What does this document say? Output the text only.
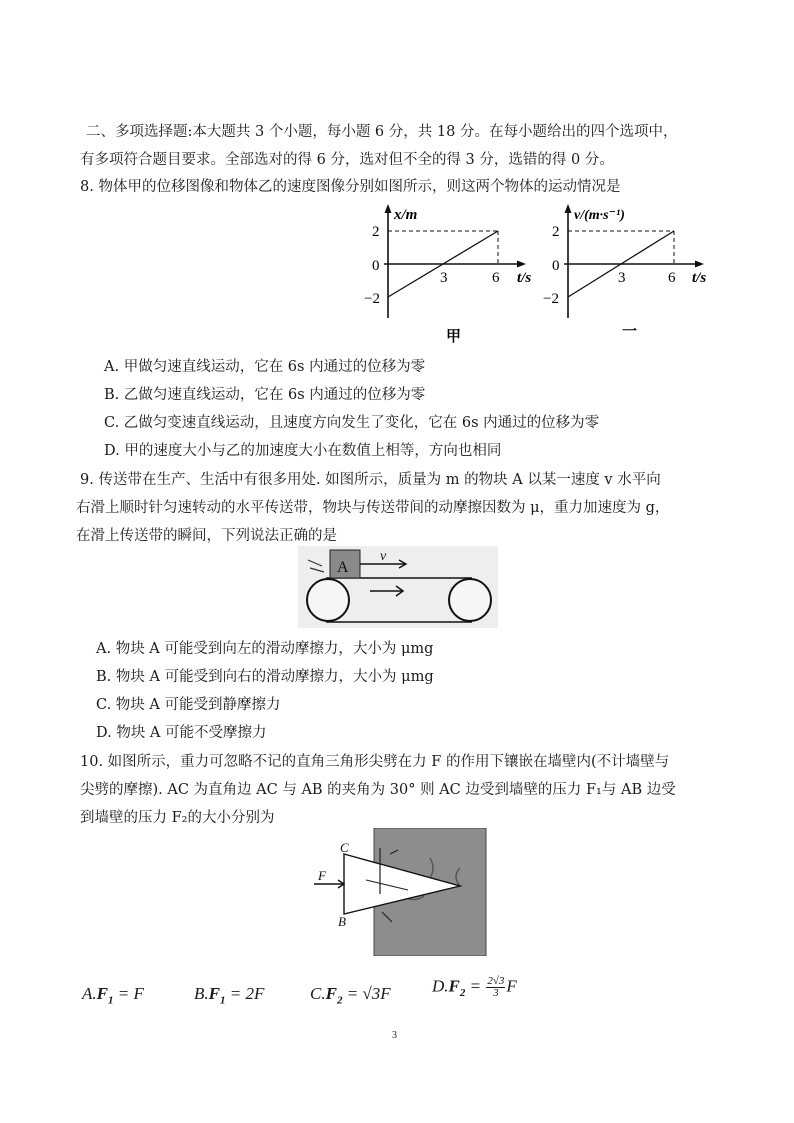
二、多项选择题:本大题共 3 个小题，每小题 6 分，共 18 分。在每小题给出的四个选项中，
有多项符合题目要求。全部选对的得 6 分，选对但不全的得 3 分，选错的得 0 分。
8. 物体甲的位移图像和物体乙的速度图像分别如图所示，则这两个物体的运动情况是
x/m
2
0
−2
3	6 t/s
甲
v/(m·s⁻¹)
2
0
−2
3	6 t/s
一
A. 甲做匀速直线运动，它在 6s 内通过的位移为零
B. 乙做匀速直线运动，它在 6s 内通过的位移为零
C. 乙做匀变速直线运动，且速度方向发生了变化，它在 6s 内通过的位移为零
D. 甲的速度大小与乙的加速度大小在数值上相等，方向也相同
9. 传送带在生产、生活中有很多用处. 如图所示，质量为 m 的物块 A 以某一速度 v 水平向
右滑上顺时针匀速转动的水平传送带，物块与传送带间的动摩擦因数为 μ，重力加速度为 g，
在滑上传送带的瞬间，下列说法正确的是
A
v
A. 物块 A 可能受到向左的滑动摩擦力，大小为 μmg
B. 物块 A 可能受到向右的滑动摩擦力，大小为 μmg
C. 物块 A 可能受到静摩擦力
D. 物块 A 可能不受摩擦力
10. 如图所示，重力可忽略不记的直角三角形尖劈在力 F 的作用下镶嵌在墙壁内(不计墙壁与
尖劈的摩擦). AC 为直角边 AC 与 AB 的夹角为 30° 则 AC 边受到墙壁的压力 F₁与 AB 边受
到墙壁的压力 F₂的大小分别为
F
C
B
$A.F_1 = F$	$B.F_1 = 2F$	$C.F_2 = √3F$ $D.F_2 = \frac{2√3}{3}$ F
3
